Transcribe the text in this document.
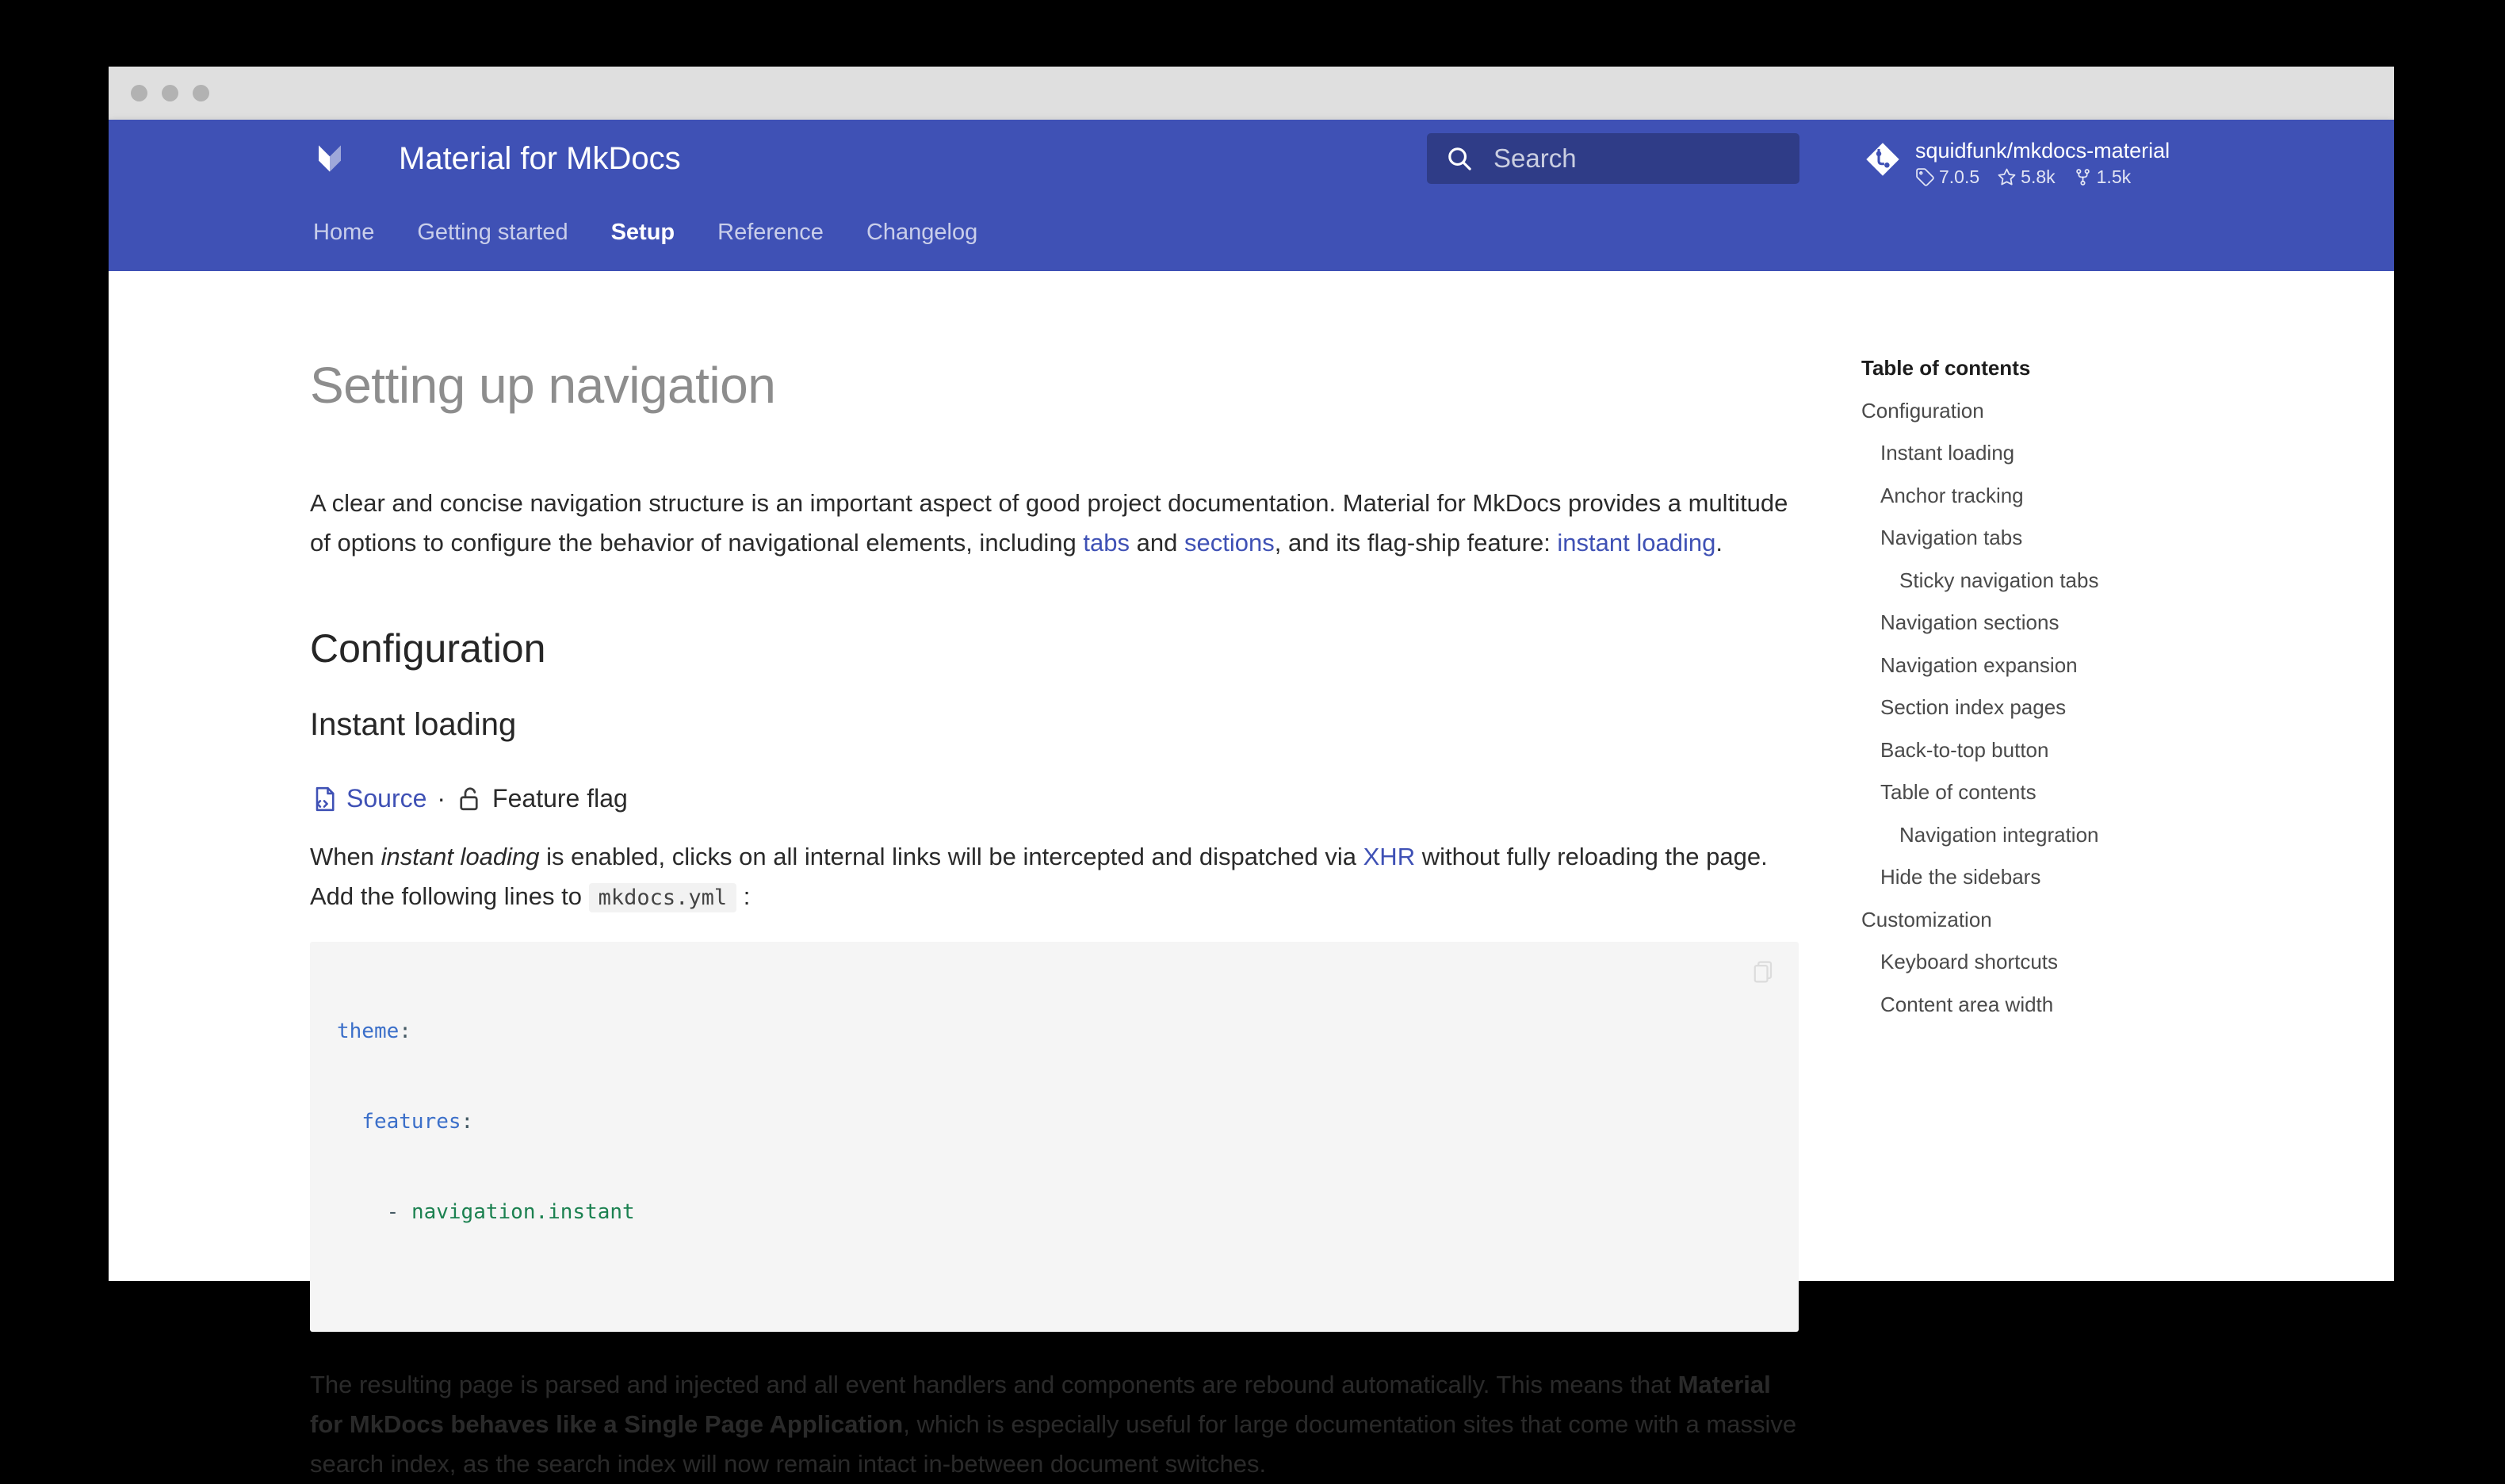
Material for MkDocs
Search	squidfunk/mkdocs-material
7.0.5 5.8k 1.5k
Home Getting started Setup Reference Changelog
Setting up navigation

A clear and concise navigation structure is an important aspect of good project documentation. Material for MkDocs provides a multitude of options to configure the behavior of navigational elements, including tabs and sections, and its flag-ship feature: instant loading.

Configuration
Instant loading
Source · Feature flag

When instant loading is enabled, clicks on all internal links will be intercepted and dispatched via XHR without fully reloading the page. Add the following lines to mkdocs.yml :

theme:

features:

- navigation.instant

The resulting page is parsed and injected and all event handlers and components are rebound automatically. This means that Material for MkDocs behaves like a Single Page Application, which is especially useful for large documentation sites that come with a massive search index, as the search index will now remain intact in-between document switches.

Table of contents
Configuration
Instant loading
Anchor tracking
Navigation tabs
Sticky navigation tabs
Navigation sections
Navigation expansion
Section index pages
Back-to-top button
Table of contents
Navigation integration
Hide the sidebars
Customization
Keyboard shortcuts
Content area width
